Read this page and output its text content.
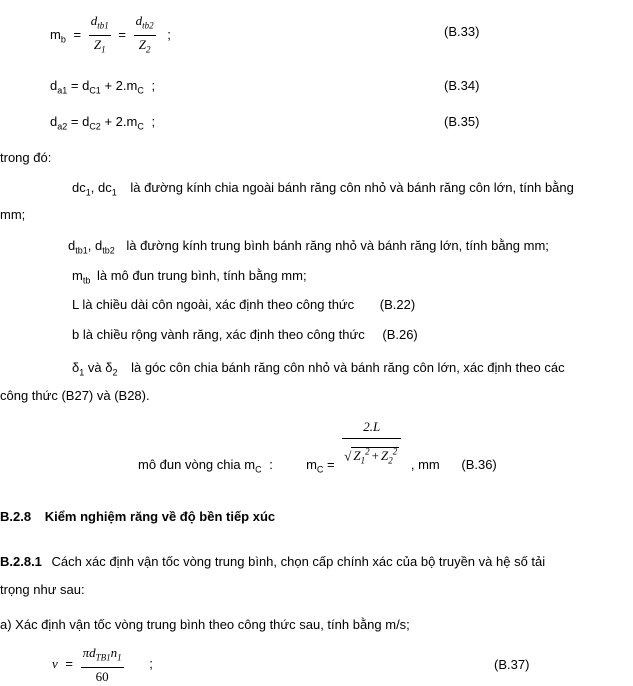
$m_b = \frac{d_{tb1}}{Z_1} = \frac{d_{tb2}}{Z_2}$ ;	(B.33)
$d_{a1} = d_{C1} + 2.m_C$ ;	(B.34)
$d_{a2} = d_{C2} + 2.m_C$ ;	(B.35)
trong đó:
$dc_1$, $dc_1$ là đường kính chia ngoài bánh răng côn nhỏ và bánh răng côn lớn, tính bằng
mm;
$d_{tb1}$, $d_{tb2}$ là đường kính trung bình bánh răng nhỏ và bánh răng lớn, tính bằng mm;
$m_{tb}$ là mô đun trung bình, tính bằng mm;
L là chiều dài côn ngoài, xác định theo công thức (B.22)
b là chiều rộng vành răng, xác định theo công thức (B.26)
$\delta_1$ và $\delta_2$ là góc côn chia bánh răng côn nhỏ và bánh răng côn lớn, xác định theo các
công thức (B27) và (B28).
mô đun vòng chia $m_C$ :	$m_C = \frac{2.L}{√ Z_1^2 + Z_2^2}$ , mm (B.36)
B.2.8 Kiểm nghiệm răng về độ bền tiếp xúc
B.2.8.1 Cách xác định vận tốc vòng trung bình, chọn cấp chính xác của bộ truyền và hệ số tải
trọng như sau:
a) Xác định vận tốc vòng trung bình theo công thức sau, tính bằng m/s;
$v = \frac{\pi d_{TB1}n_1}{60}$ ;	(B.37)
